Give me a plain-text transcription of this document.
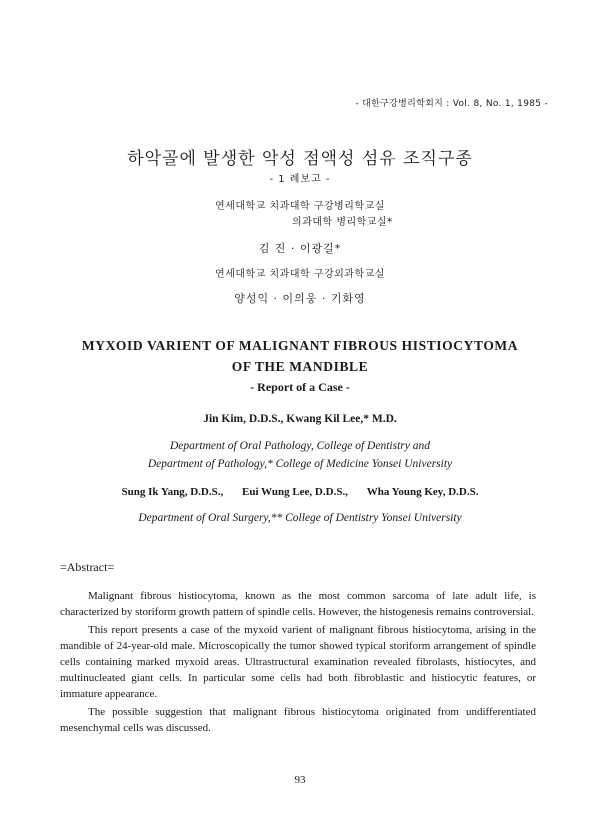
- 대한구강병리학회지 : Vol. 8, No. 1, 1985 -
하악골에 발생한 악성 점액성 섬유 조직구종
- 1 례보고 -
연세대학교 치과대학 구강병리학교실
의과대학 병리학교실*
김 진 · 이광길*
연세대학교 치과대학 구강외과학교실
양성익 · 이의웅 · 기화영
MYXOID VARIENT OF MALIGNANT FIBROUS HISTIOCYTOMA
OF THE MANDIBLE
- Report of a Case -
Jin Kim, D.D.S., Kwang Kil Lee,* M.D.
Department of Oral Pathology, College of Dentistry and
Department of Pathology,* College of Medicine Yonsei University
Sung Ik Yang, D.D.S., Eui Wung Lee, D.D.S., Wha Young Key, D.D.S.
Department of Oral Surgery,** College of Dentistry Yonsei University
=Abstract=

Malignant fibrous histiocytoma, known as the most common sarcoma of late adult life, is characterized by storiform growth pattern of spindle cells. However, the histogenesis remains controversial.

This report presents a case of the myxoid varient of malignant fibrous histiocytoma, arising in the mandible of 24-year-old male. Microscopically the tumor showed typical storiform arrangement of spindle cells containing marked myxoid areas. Ultrastructural examination revealed fibrolasts, histiocytes, and multinucleated giant cells. In particular some cells had both fibroblastic and histiocytic features, or immature appearance.

The possible suggestion that malignant fibrous histiocytoma originated from undifferentiated mesenchymal cells was discussed.

93
